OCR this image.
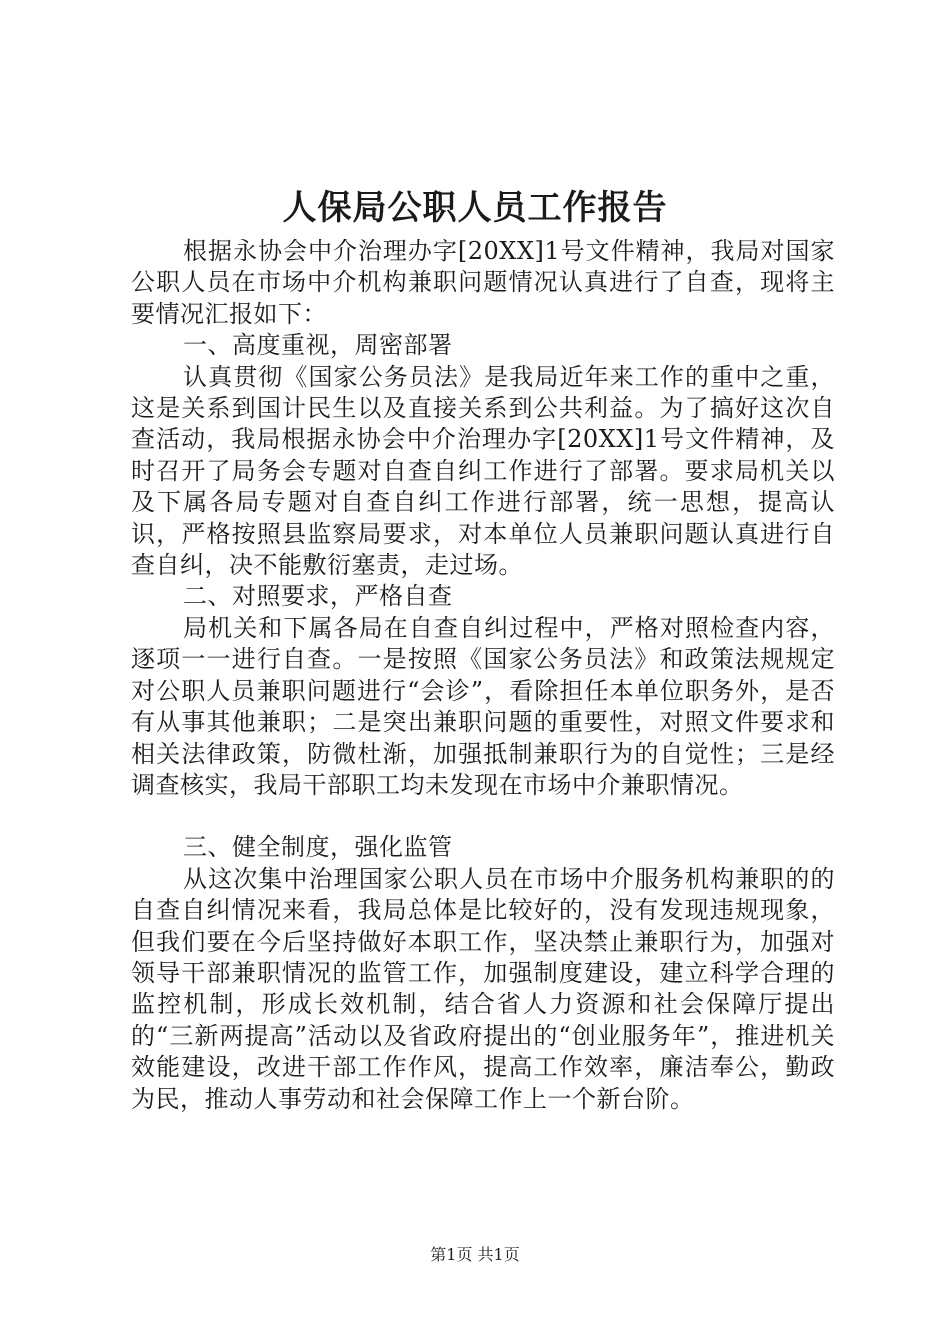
人保局公职人员工作报告

根据永协会中介治理办字[20XX]1号文件精神，我局对国家公职人员在市场中介机构兼职问题情况认真进行了自查，现将主要情况汇报如下：

一、高度重视，周密部署

认真贯彻《国家公务员法》是我局近年来工作的重中之重，这是关系到国计民生以及直接关系到公共利益。为了搞好这次自查活动，我局根据永协会中介治理办字[20XX]1号文件精神，及时召开了局务会专题对自查自纠工作进行了部署。要求局机关以及下属各局专题对自查自纠工作进行部署，统一思想，提高认识，严格按照县监察局要求，对本单位人员兼职问题认真进行自查自纠，决不能敷衍塞责，走过场。

二、对照要求，严格自查

局机关和下属各局在自查自纠过程中，严格对照检查内容，逐项一一进行自查。一是按照《国家公务员法》和政策法规规定对公职人员兼职问题进行“会诊”，看除担任本单位职务外，是否有从事其他兼职；二是突出兼职问题的重要性，对照文件要求和相关法律政策，防微杜渐，加强抵制兼职行为的自觉性；三是经调查核实，我局干部职工均未发现在市场中介兼职情况。

三、健全制度，强化监管

从这次集中治理国家公职人员在市场中介服务机构兼职的的自查自纠情况来看，我局总体是比较好的，没有发现违规现象，但我们要在今后坚持做好本职工作，坚决禁止兼职行为，加强对领导干部兼职情况的监管工作，加强制度建设，建立科学合理的监控机制，形成长效机制，结合省人力资源和社会保障厅提出的“三新两提高”活动以及省政府提出的“创业服务年”，推进机关效能建设，改进干部工作作风，提高工作效率，廉洁奉公，勤政为民，推动人事劳动和社会保障工作上一个新台阶。

第1页 共1页
